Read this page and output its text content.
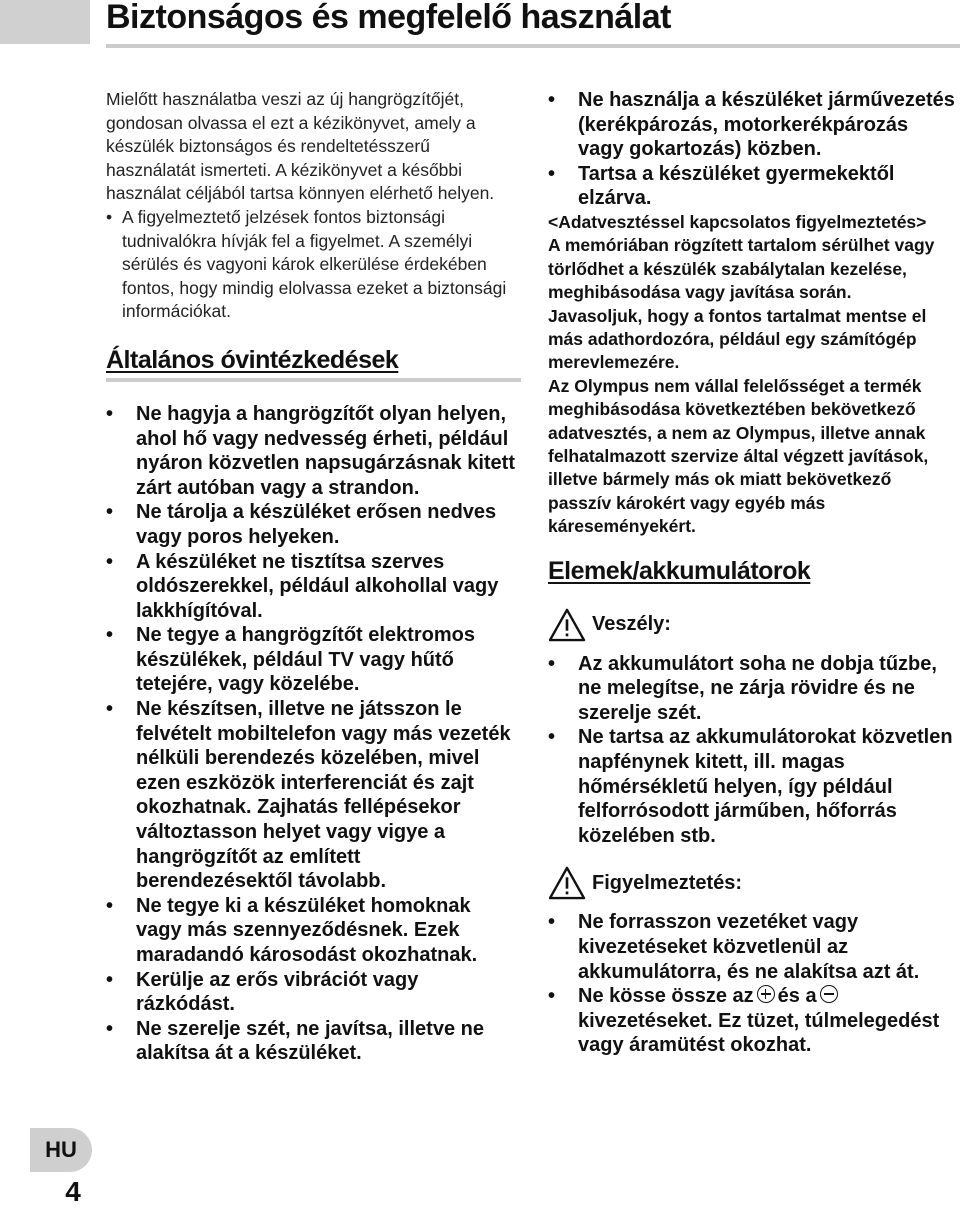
Biztonságos és megfelelő használat

Mielőtt használatba veszi az új hangrögzítőjét, gondosan olvassa el ezt a kézikönyvet, amely a készülék biztonságos és rendeltetésszerű használatát ismerteti. A kézikönyvet a későbbi használat céljából tartsa könnyen elérhető helyen.

• A figyelmeztető jelzések fontos biztonsági tudnivalókra hívják fel a figyelmet. A személyi sérülés és vagyoni károk elkerülése érdekében fontos, hogy mindig elolvassa ezeket a biztonsági információkat.

Általános óvintézkedések
• Ne hagyja a hangrögzítőt olyan helyen, ahol hő vagy nedvesség érheti, például nyáron közvetlen napsugárzásnak kitett zárt autóban vagy a strandon.
• Ne tárolja a készüléket erősen nedves vagy poros helyeken.
• A készüléket ne tisztítsa szerves oldószerekkel, például alkohollal vagy lakkhígítóval.
• Ne tegye a hangrögzítőt elektromos készülékek, például TV vagy hűtő tetejére, vagy közelébe.
• Ne készítsen, illetve ne játsszon le felvételt mobiltelefon vagy más vezeték nélküli berendezés közelében, mivel ezen eszközök interferenciát és zajt okozhatnak. Zajhatás fellépésekor változtasson helyet vagy vigye a hangrögzítőt az említett berendezésektől távolabb.
• Ne tegye ki a készüléket homoknak vagy más szennyeződésnek. Ezek maradandó károsodást okozhatnak.
• Kerülje az erős vibrációt vagy rázkódást.
• Ne szerelje szét, ne javítsa, illetve ne alakítsa át a készüléket.
• Ne használja a készüléket járművezetés (kerékpározás, motorkerékpározás vagy gokartozás) közben.
• Tartsa a készüléket gyermekektől elzárva.

<Adatvesztéssel kapcsolatos figyelmeztetés>

A memóriában rögzített tartalom sérülhet vagy törlődhet a készülék szabálytalan kezelése, meghibásodása vagy javítása során.

Javasoljuk, hogy a fontos tartalmat mentse el más adathordozóra, például egy számítógép merevlemezére.

Az Olympus nem vállal felelősséget a termék meghibásodása következtében bekövetkező adatvesztés, a nem az Olympus, illetve annak felhatalmazott szervize által végzett javítások, illetve bármely más ok miatt bekövetkező passzív károkért vagy egyéb más káreseményekért.

Elemek/akkumulátorok
Veszély:
• Az akkumulátort soha ne dobja tűzbe, ne melegítse, ne zárja rövidre és ne szerelje szét.
• Ne tartsa az akkumulátorokat közvetlen napfénynek kitett, ill. magas hőmérsékletű helyen, így például felforrósodott járműben, hőforrás közelében stb.
Figyelmeztetés:
• Ne forrasszon vezetéket vagy kivezetéseket közvetlenül az akkumulátorra, és ne alakítsa azt át.
• Ne kösse össze az és akivezetéseket. Ez tüzet, túlmelegedést vagy áramütést okozhat.
HU
4
